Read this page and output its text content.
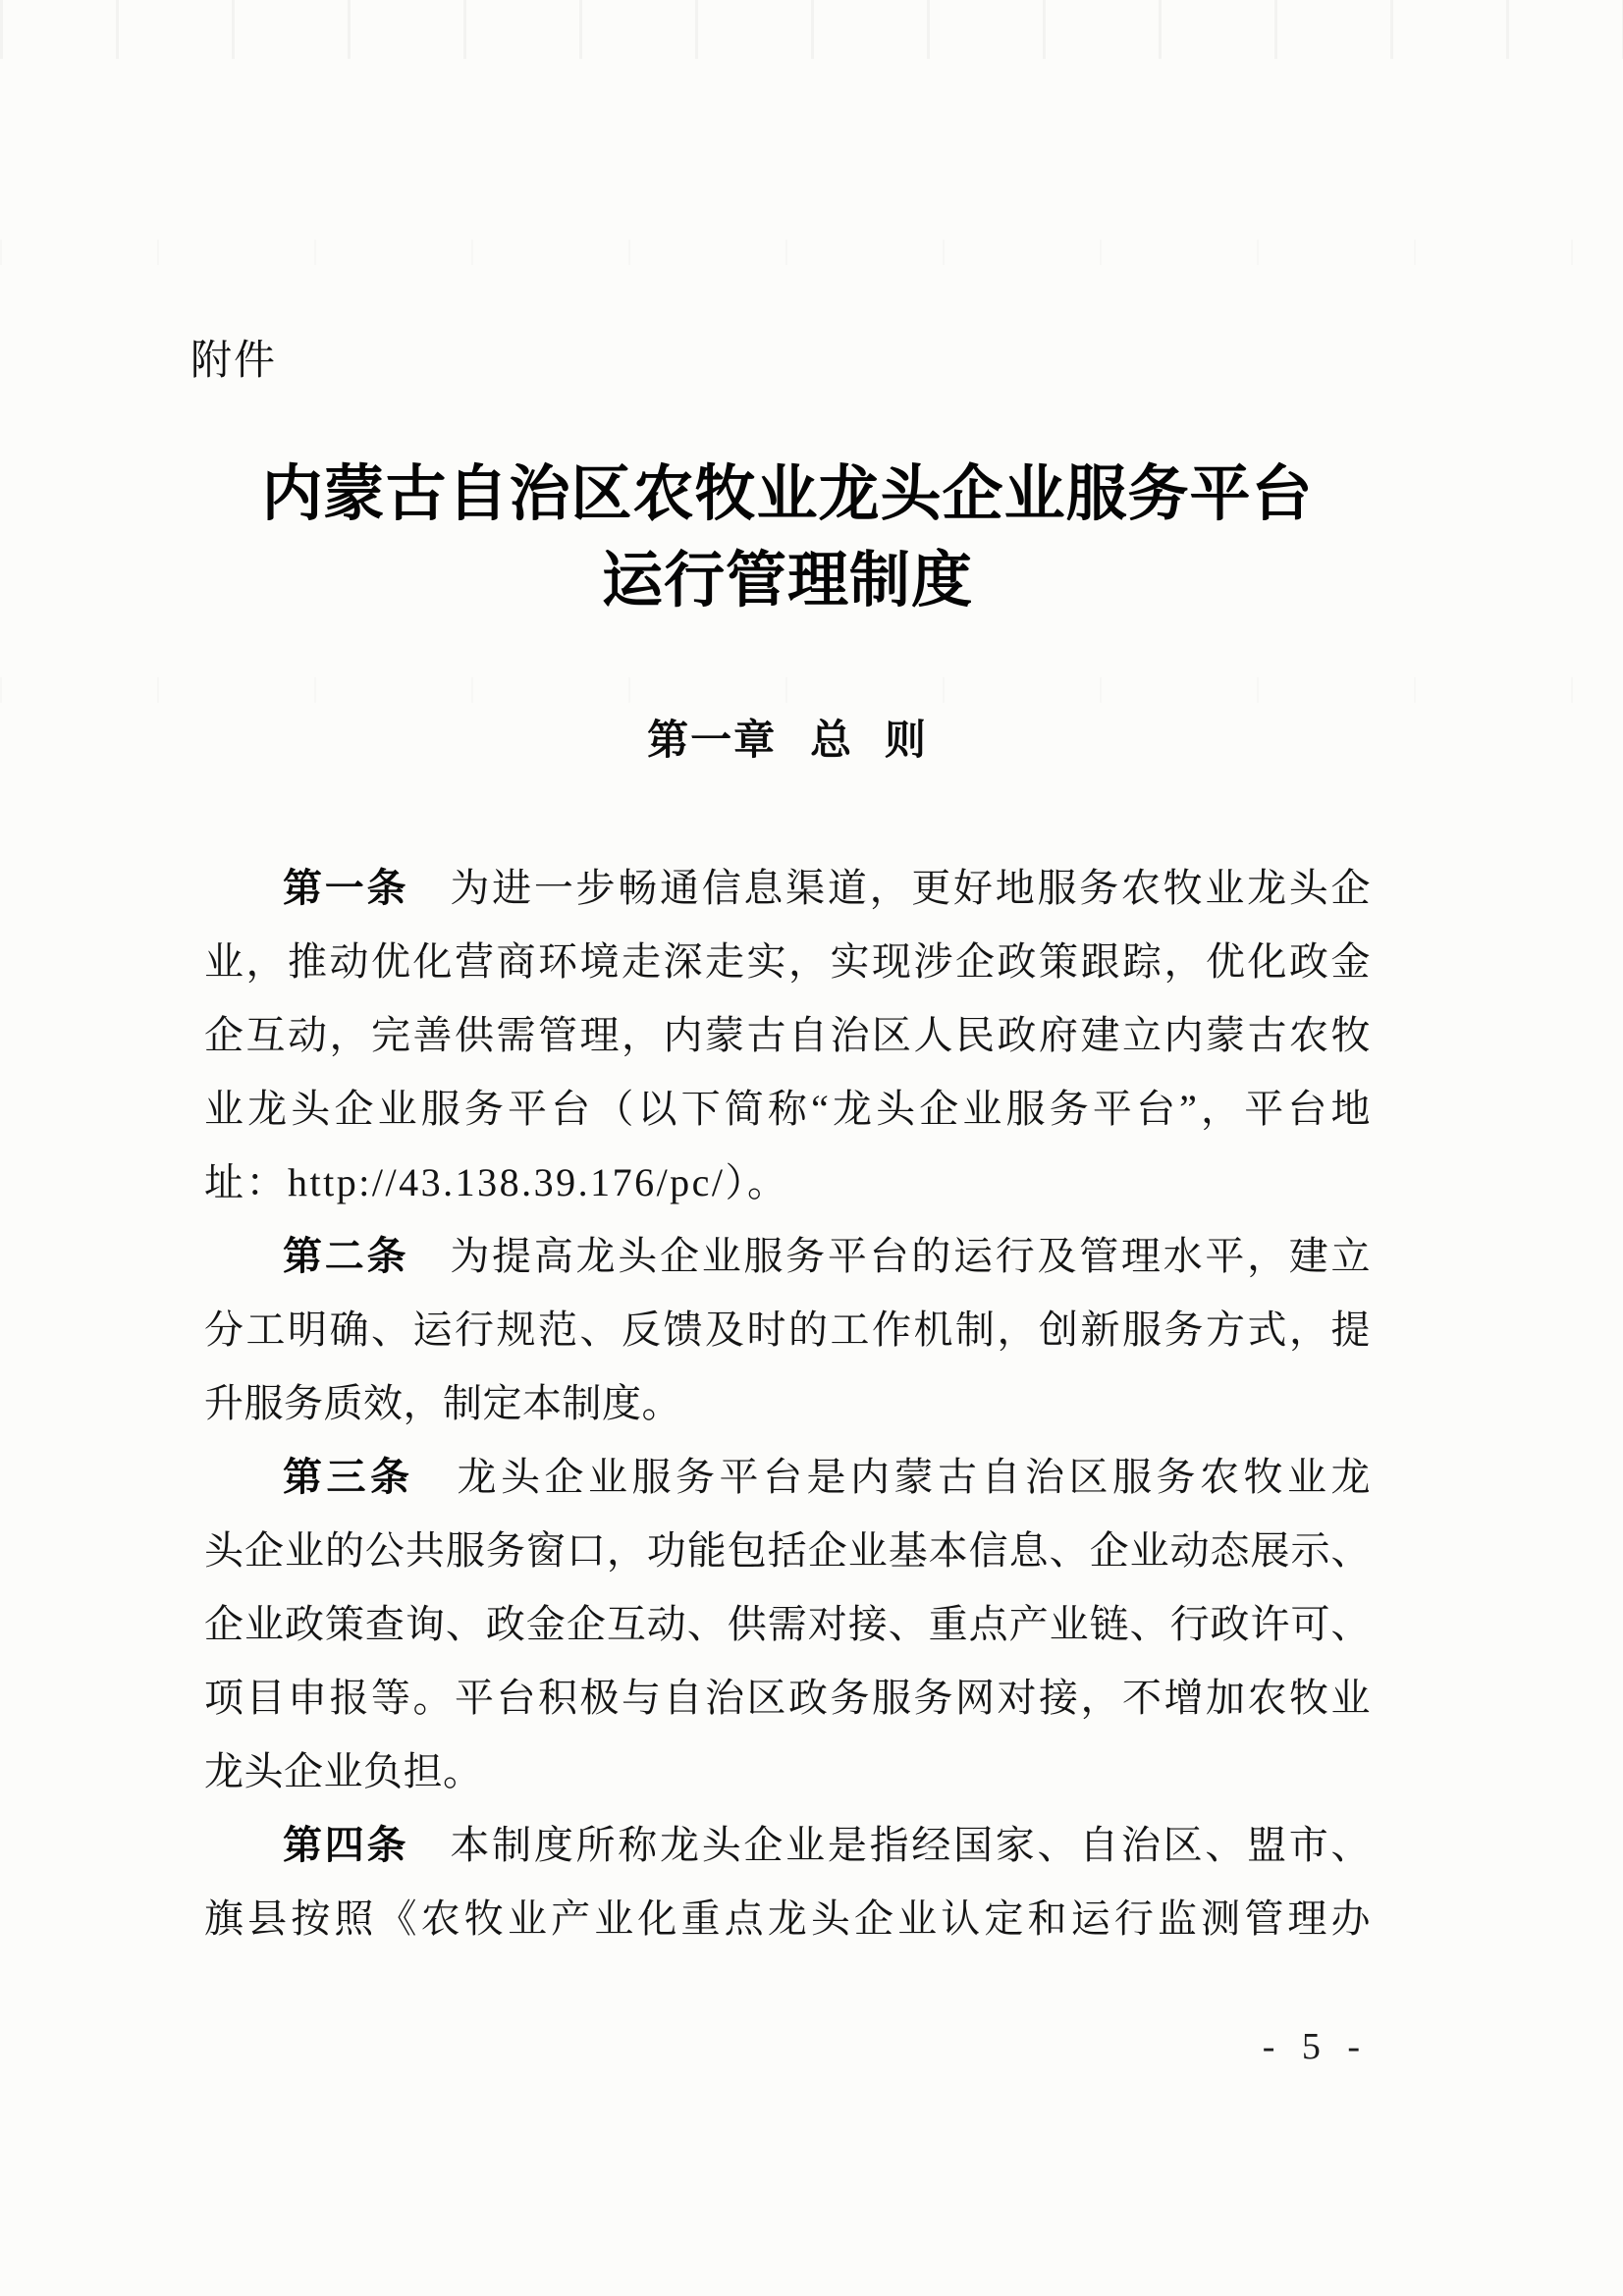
附件
内蒙古自治区农牧业龙头企业服务平台
运行管理制度
第一章 总 则
第一条 为进一步畅通信息渠道，更好地服务农牧业龙头企
业，推动优化营商环境走深走实，实现涉企政策跟踪，优化政金
企互动，完善供需管理，内蒙古自治区人民政府建立内蒙古农牧
业龙头企业服务平台（以下简称“龙头企业服务平台”，平台地
址：http://43.138.39.176/pc/）。
第二条 为提高龙头企业服务平台的运行及管理水平，建立
分工明确、运行规范、反馈及时的工作机制，创新服务方式，提
升服务质效，制定本制度。
第三条 龙头企业服务平台是内蒙古自治区服务农牧业龙
头企业的公共服务窗口，功能包括企业基本信息、企业动态展示、
企业政策查询、政金企互动、供需对接、重点产业链、行政许可、
项目申报等。平台积极与自治区政务服务网对接，不增加农牧业
龙头企业负担。
第四条 本制度所称龙头企业是指经国家、自治区、盟市、
旗县按照《农牧业产业化重点龙头企业认定和运行监测管理办
- 5 -
